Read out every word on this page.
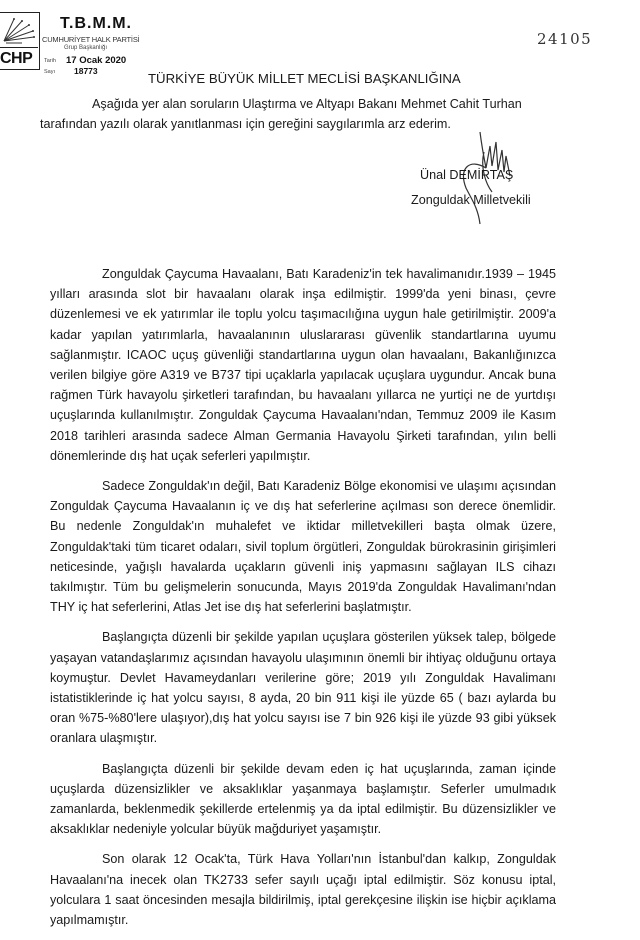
CHP
T.B.M.M.
CUMHURİYET HALK PARTİSİ
Grup Başkanlığı
Tarih 17 Ocak 2020
Sayı 18773
24105
TÜRKİYE BÜYÜK MİLLET MECLİSİ BAŞKANLIĞINA
Aşağıda yer alan soruların Ulaştırma ve Altyapı Bakanı Mehmet Cahit Turhan
tarafından yazılı olarak yanıtlanması için gereğini saygılarımla arz ederim.
Ünal DEMİRTAŞ
Zonguldak Milletvekili

Zonguldak Çaycuma Havaalanı, Batı Karadeniz'in tek havalimanıdır.1939 – 1945 yılları arasında slot bir havaalanı olarak inşa edilmiştir. 1999'da yeni binası, çevre düzenlemesi ve ek yatırımlar ile toplu yolcu taşımacılığına uygun hale getirilmiştir. 2009'a kadar yapılan yatırımlarla, havaalanının uluslararası güvenlik standartlarına uyumu sağlanmıştır. ICAOC uçuş güvenliği standartlarına uygun olan havaalanı, Bakanlığınızca verilen bilgiye göre A319 ve B737 tipi uçaklarla yapılacak uçuşlara uygundur. Ancak buna rağmen Türk havayolu şirketleri tarafından, bu havaalanı yıllarca ne yurtiçi ne de yurtdışı uçuşlarında kullanılmıştır. Zonguldak Çaycuma Havaalanı'ndan, Temmuz 2009 ile Kasım 2018 tarihleri arasında sadece Alman Germania Havayolu Şirketi tarafından, yılın belli dönemlerinde dış hat uçak seferleri yapılmıştır.

Sadece Zonguldak'ın değil, Batı Karadeniz Bölge ekonomisi ve ulaşımı açısından Zonguldak Çaycuma Havaalanın iç ve dış hat seferlerine açılması son derece önemlidir. Bu nedenle Zonguldak'ın muhalefet ve iktidar milletvekilleri başta olmak üzere, Zonguldak'taki tüm ticaret odaları, sivil toplum örgütleri, Zonguldak bürokrasinin girişimleri neticesinde, yağışlı havalarda uçakların güvenli iniş yapmasını sağlayan ILS cihazı takılmıştır. Tüm bu gelişmelerin sonucunda, Mayıs 2019'da Zonguldak Havalimanı'ndan THY iç hat seferlerini, Atlas Jet ise dış hat seferlerini başlatmıştır.

Başlangıçta düzenli bir şekilde yapılan uçuşlara gösterilen yüksek talep, bölgede yaşayan vatandaşlarımız açısından havayolu ulaşımının önemli bir ihtiyaç olduğunu ortaya koymuştur. Devlet Havameydanları verilerine göre; 2019 yılı Zonguldak Havalimanı istatistiklerinde iç hat yolcu sayısı, 8 ayda, 20 bin 911 kişi ile yüzde 65 ( bazı aylarda bu oran %75-%80'lere ulaşıyor),dış hat yolcu sayısı ise 7 bin 926 kişi ile yüzde 93 gibi yüksek oranlara ulaşmıştır.

Başlangıçta düzenli bir şekilde devam eden iç hat uçuşlarında, zaman içinde uçuşlarda düzensizlikler ve aksaklıklar yaşanmaya başlamıştır. Seferler umulmadık zamanlarda, beklenmedik şekillerde ertelenmiş ya da iptal edilmiştir. Bu düzensizlikler ve aksaklıklar nedeniyle yolcular büyük mağduriyet yaşamıştır.

Son olarak 12 Ocak'ta, Türk Hava Yolları'nın İstanbul'dan kalkıp, Zonguldak Havaalanı'na inecek olan TK2733 sefer sayılı uçağı iptal edilmiştir. Söz konusu iptal, yolculara 1 saat öncesinden mesajla bildirilmiş, iptal gerekçesine ilişkin ise hiçbir açıklama yapılmamıştır.
